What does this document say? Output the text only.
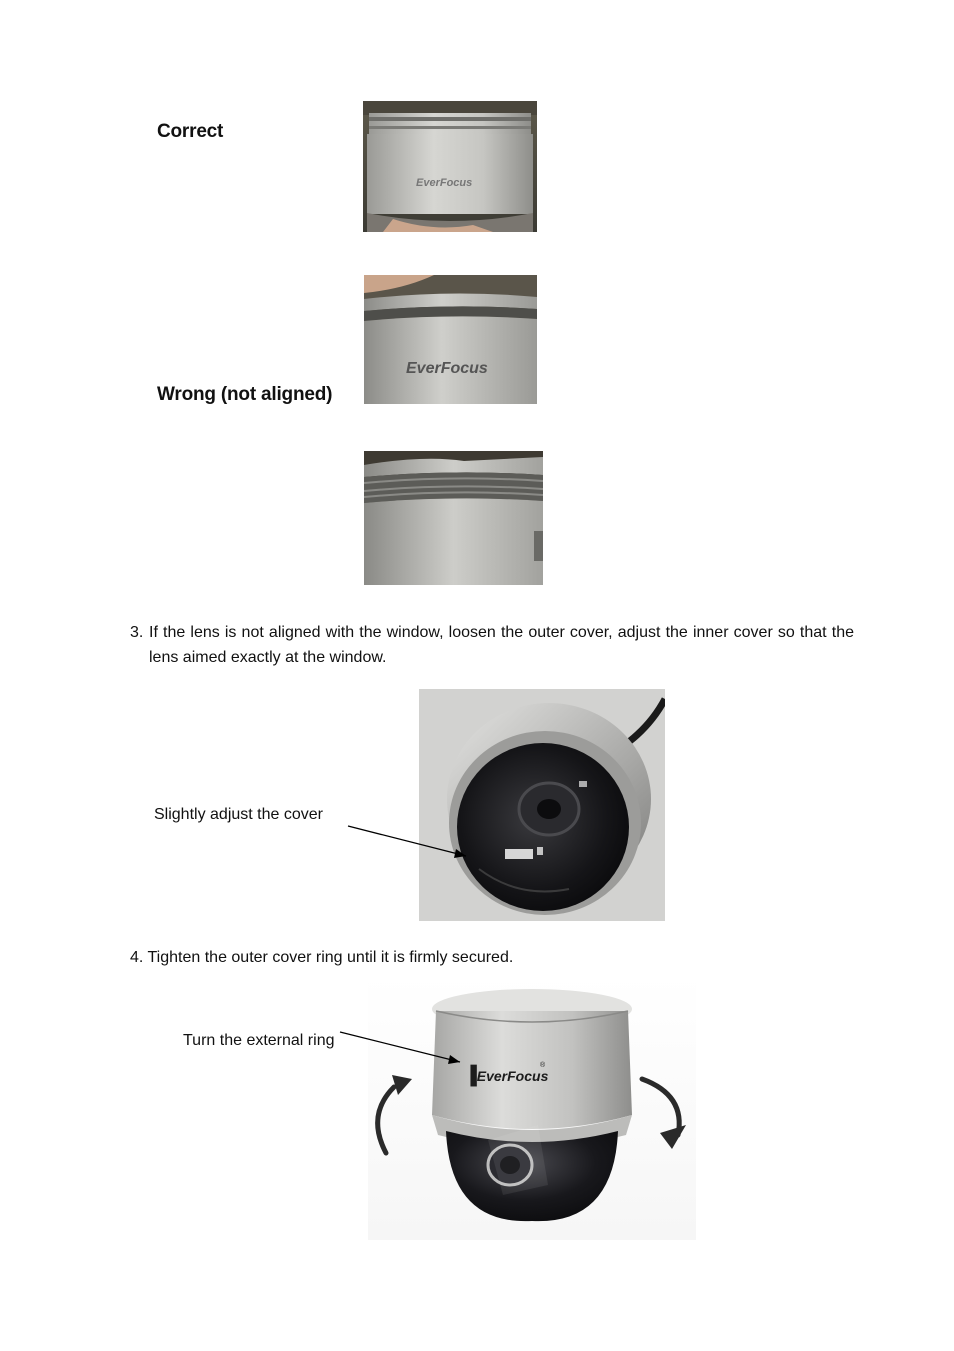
Correct
Wrong (not aligned)
EverFocus
EverFocus
3. If the lens is not aligned with the window, loosen the outer cover, adjust the inner cover so that the lens aimed exactly at the window.
Slightly adjust the cover
4. Tighten the outer cover ring until it is firmly secured.
▐EverFocus
®
Turn the external ring
